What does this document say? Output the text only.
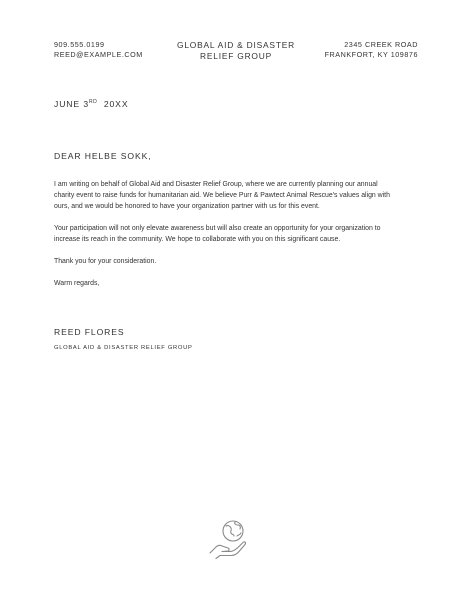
909.555.0199
REED@EXAMPLE.COM
GLOBAL AID & DISASTER
RELIEF GROUP
2345 CREEK ROAD
FRANKFORT, KY 109876
JUNE 3RD 20XX
DEAR HELBE SOKK,

I am writing on behalf of Global Aid and Disaster Relief Group, where we are currently planning our annual
charity event to raise funds for humanitarian aid. We believe Purr & Pawtect Animal Rescue's values align with
ours, and we would be honored to have your organization partner with us for this event.

Your participation will not only elevate awareness but will also create an opportunity for your organization to
increase its reach in the community. We hope to collaborate with you on this significant cause.

Thank you for your consideration.

Warm regards,

REED FLORES
GLOBAL AID & DISASTER RELIEF GROUP
